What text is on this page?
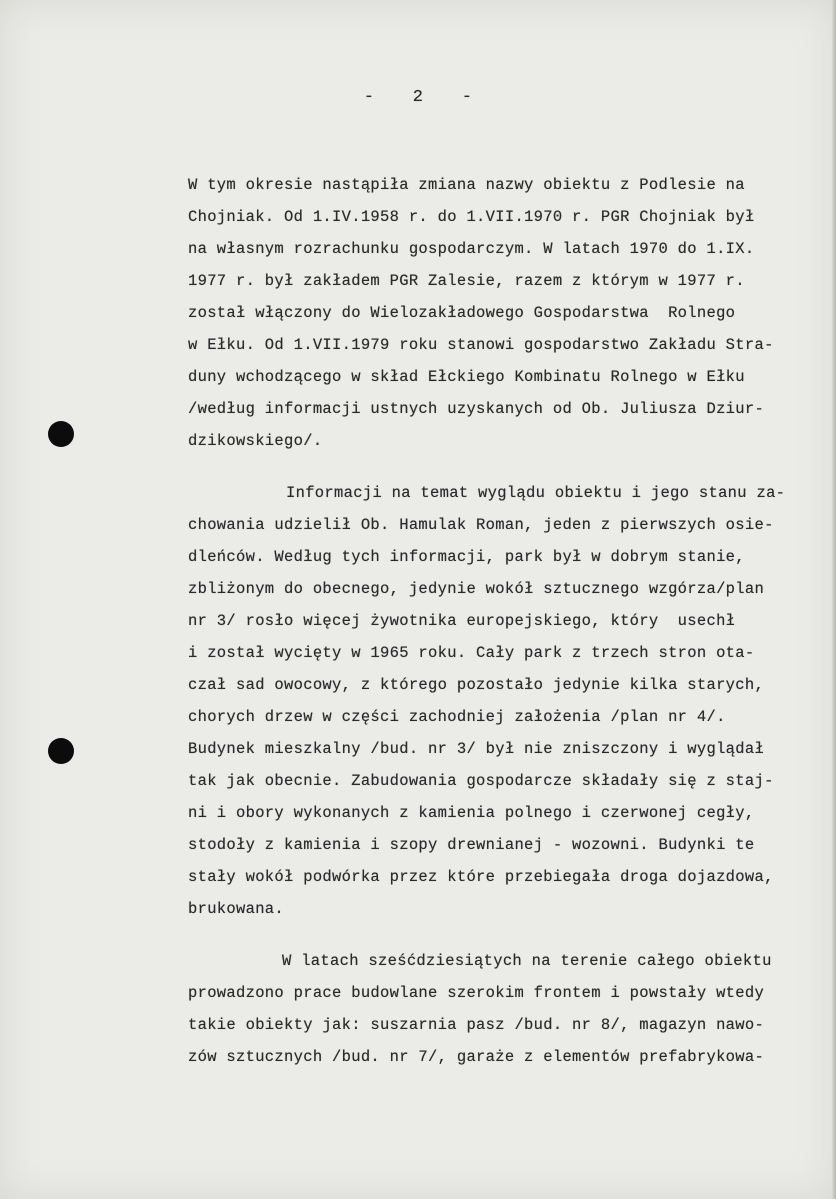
- 2 -
W tym okresie nastąpiła zmiana nazwy obiektu z Podlesie na
Chojniak. Od 1.IV.1958 r. do 1.VII.1970 r. PGR Chojniak był
na własnym rozrachunku gospodarczym. W latach 1970 do 1.IX.
1977 r. był zakładem PGR Zalesie, razem z którym w 1977 r.
został włączony do Wielozakładowego Gospodarstwa  Rolnego
w Ełku. Od 1.VII.1979 roku stanowi gospodarstwo Zakładu Stra-
duny wchodzącego w skład Ełckiego Kombinatu Rolnego w Ełku
/według informacji ustnych uzyskanych od Ob. Juliusza Dziur-
dzikowskiego/.
Informacji na temat wyglądu obiektu i jego stanu za-
chowania udzielił Ob. Hamulak Roman, jeden z pierwszych osie-
dleńców. Według tych informacji, park był w dobrym stanie,
zbliżonym do obecnego, jedynie wokół sztucznego wzgórza/plan
nr 3/ rosło więcej żywotnika europejskiego, który  usechł
i został wycięty w 1965 roku. Cały park z trzech stron ota-
czał sad owocowy, z którego pozostało jedynie kilka starych,
chorych drzew w części zachodniej założenia /plan nr 4/.
Budynek mieszkalny /bud. nr 3/ był nie zniszczony i wyglądał
tak jak obecnie. Zabudowania gospodarcze składały się z staj-
ni i obory wykonanych z kamienia polnego i czerwonej cegły,
stodoły z kamienia i szopy drewnianej - wozowni. Budynki te
stały wokół podwórka przez które przebiegała droga dojazdowa,
brukowana.
W latach sześćdziesiątych na terenie całego obiektu
prowadzono prace budowlane szerokim frontem i powstały wtedy
takie obiekty jak: suszarnia pasz /bud. nr 8/, magazyn nawo-
zów sztucznych /bud. nr 7/, garaże z elementów prefabrykowa-
